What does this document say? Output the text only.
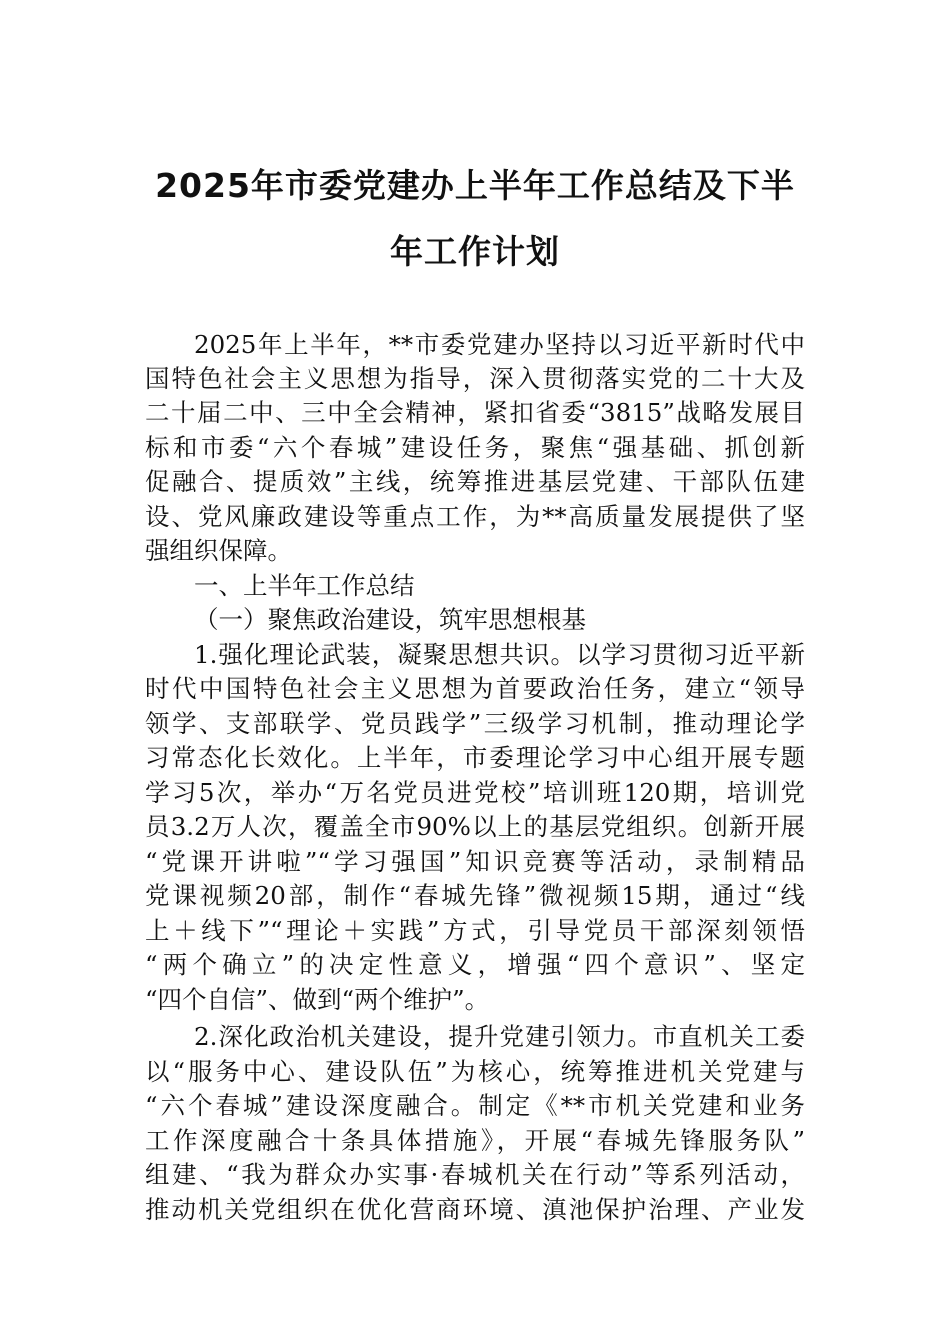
2025年市委党建办上半年工作总结及下半
年工作计划
2025年上半年，**市委党建办坚持以习近平新时代中
国特色社会主义思想为指导，深入贯彻落实党的二十大及
二十届二中、三中全会精神，紧扣省委“3815”战略发展目
标和市委“六个春城”建设任务，聚焦“强基础、抓创新
促融合、提质效”主线，统筹推进基层党建、干部队伍建
设、党风廉政建设等重点工作，为**高质量发展提供了坚
强组织保障。
一、上半年工作总结
（一）聚焦政治建设，筑牢思想根基
1.强化理论武装，凝聚思想共识。以学习贯彻习近平新
时代中国特色社会主义思想为首要政治任务，建立“领导
领学、支部联学、党员践学”三级学习机制，推动理论学
习常态化长效化。上半年，市委理论学习中心组开展专题
学习5次，举办“万名党员进党校”培训班120期，培训党
员3.2万人次，覆盖全市90%以上的基层党组织。创新开展
“党课开讲啦”“学习强国”知识竞赛等活动，录制精品
党课视频20部，制作“春城先锋”微视频15期，通过“线
上＋线下”“理论＋实践”方式，引导党员干部深刻领悟
“两个确立”的决定性意义，增强“四个意识”、坚定
“四个自信”、做到“两个维护”。
2.深化政治机关建设，提升党建引领力。市直机关工委
以“服务中心、建设队伍”为核心，统筹推进机关党建与
“六个春城”建设深度融合。制定《**市机关党建和业务
工作深度融合十条具体措施》，开展“春城先锋服务队”
组建、“我为群众办实事·春城机关在行动”等系列活动，
推动机关党组织在优化营商环境、滇池保护治理、产业发
